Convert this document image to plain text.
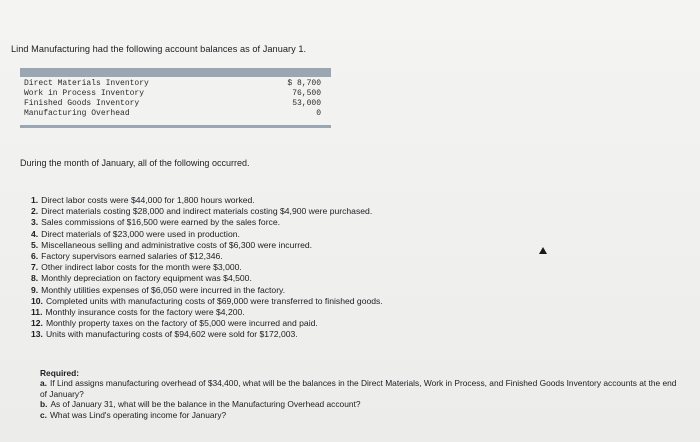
Lind Manufacturing had the following account balances as of January 1.
Direct Materials Inventory	$ 8,700
Work in Process Inventory	76,500
Finished Goods Inventory	53,000
Manufacturing Overhead	0
During the month of January, all of the following occurred.
1. Direct labor costs were $44,000 for 1,800 hours worked.
2. Direct materials costing $28,000 and indirect materials costing $4,900 were purchased.
3. Sales commissions of $16,500 were earned by the sales force.
4. Direct materials of $23,000 were used in production.
5. Miscellaneous selling and administrative costs of $6,300 were incurred.
6. Factory supervisors earned salaries of $12,346.
7. Other indirect labor costs for the month were $3,000.
8. Monthly depreciation on factory equipment was $4,500.
9. Monthly utilities expenses of $6,050 were incurred in the factory.
10. Completed units with manufacturing costs of $69,000 were transferred to finished goods.
11. Monthly insurance costs for the factory were $4,200.
12. Monthly property taxes on the factory of $5,000 were incurred and paid.
13. Units with manufacturing costs of $94,602 were sold for $172,003.
Required:
a. If Lind assigns manufacturing overhead of $34,400, what will be the balances in the Direct Materials, Work in Process, and Finished Goods Inventory accounts at the end of January?
b. As of January 31, what will be the balance in the Manufacturing Overhead account?
c. What was Lind's operating income for January?
